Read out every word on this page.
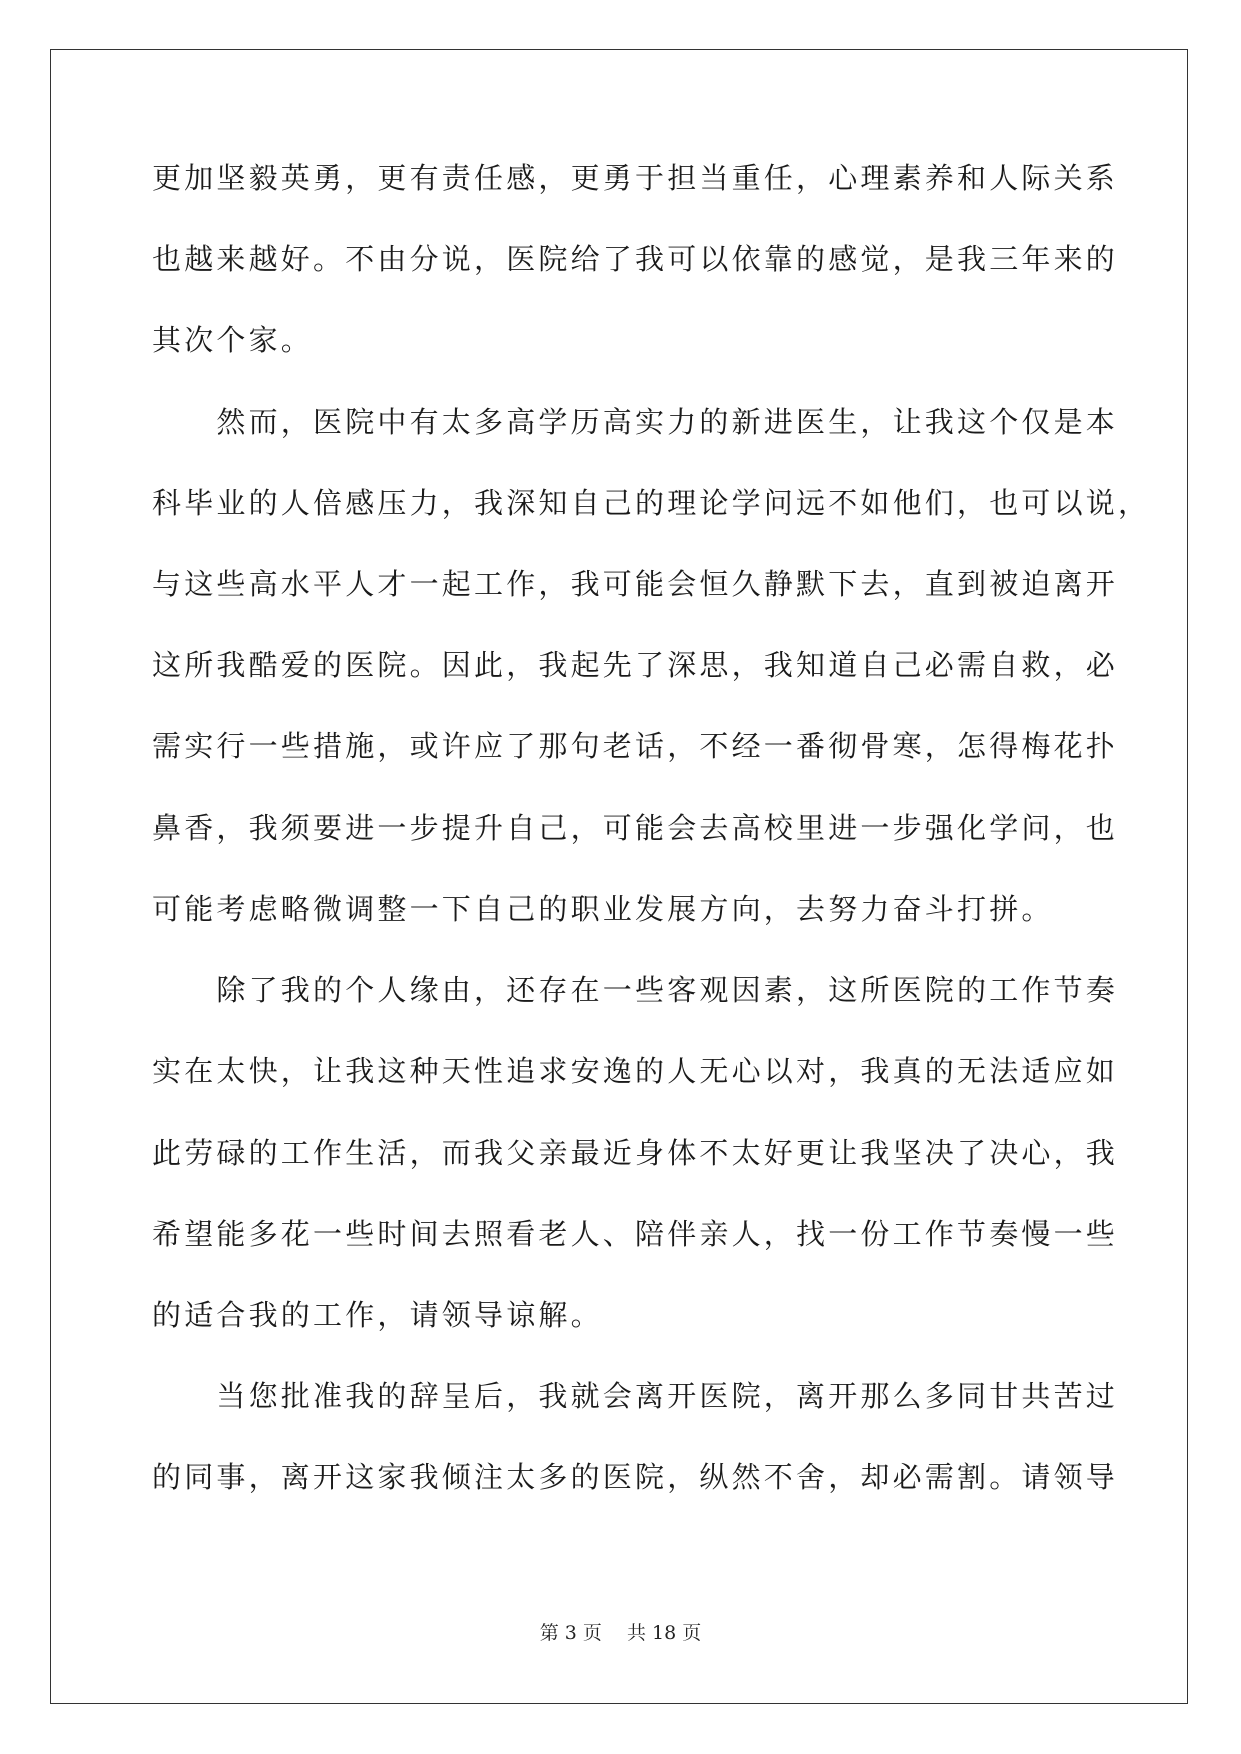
更加坚毅英勇，更有责任感，更勇于担当重任，心理素养和人际关系
也越来越好。不由分说，医院给了我可以依靠的感觉，是我三年来的
其次个家。
　　然而，医院中有太多高学历高实力的新进医生，让我这个仅是本
科毕业的人倍感压力，我深知自己的理论学问远不如他们，也可以说，
与这些高水平人才一起工作，我可能会恒久静默下去，直到被迫离开
这所我酷爱的医院。因此，我起先了深思，我知道自己必需自救，必
需实行一些措施，或许应了那句老话，不经一番彻骨寒，怎得梅花扑
鼻香，我须要进一步提升自己，可能会去高校里进一步强化学问，也
可能考虑略微调整一下自己的职业发展方向，去努力奋斗打拼。
　　除了我的个人缘由，还存在一些客观因素，这所医院的工作节奏
实在太快，让我这种天性追求安逸的人无心以对，我真的无法适应如
此劳碌的工作生活，而我父亲最近身体不太好更让我坚决了决心，我
希望能多花一些时间去照看老人、陪伴亲人，找一份工作节奏慢一些
的适合我的工作，请领导谅解。
　　当您批准我的辞呈后，我就会离开医院，离开那么多同甘共苦过
的同事，离开这家我倾注太多的医院，纵然不舍，却必需割。请领导
第 3 页　 共 18 页
